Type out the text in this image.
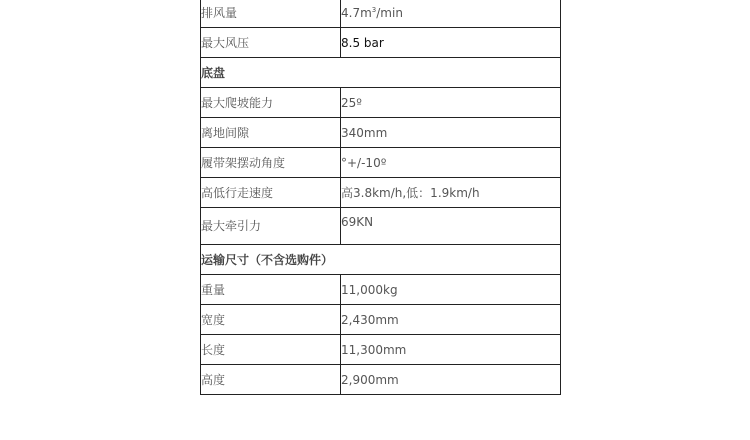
排风量	$4.7m^3/\min$
最大风压	8.5 bar
底盘	
最大爬坡能力	25º
离地间隙	340mm
履带架摆动角度	°+/-10º
高低行走速度	高3.8km/h,低：1.9km/h
最大牵引力	69KN
运输尺寸（不含选购件）	
重量	11,000kg
宽度	2,430mm
长度	11,300mm
高度	2,900mm
